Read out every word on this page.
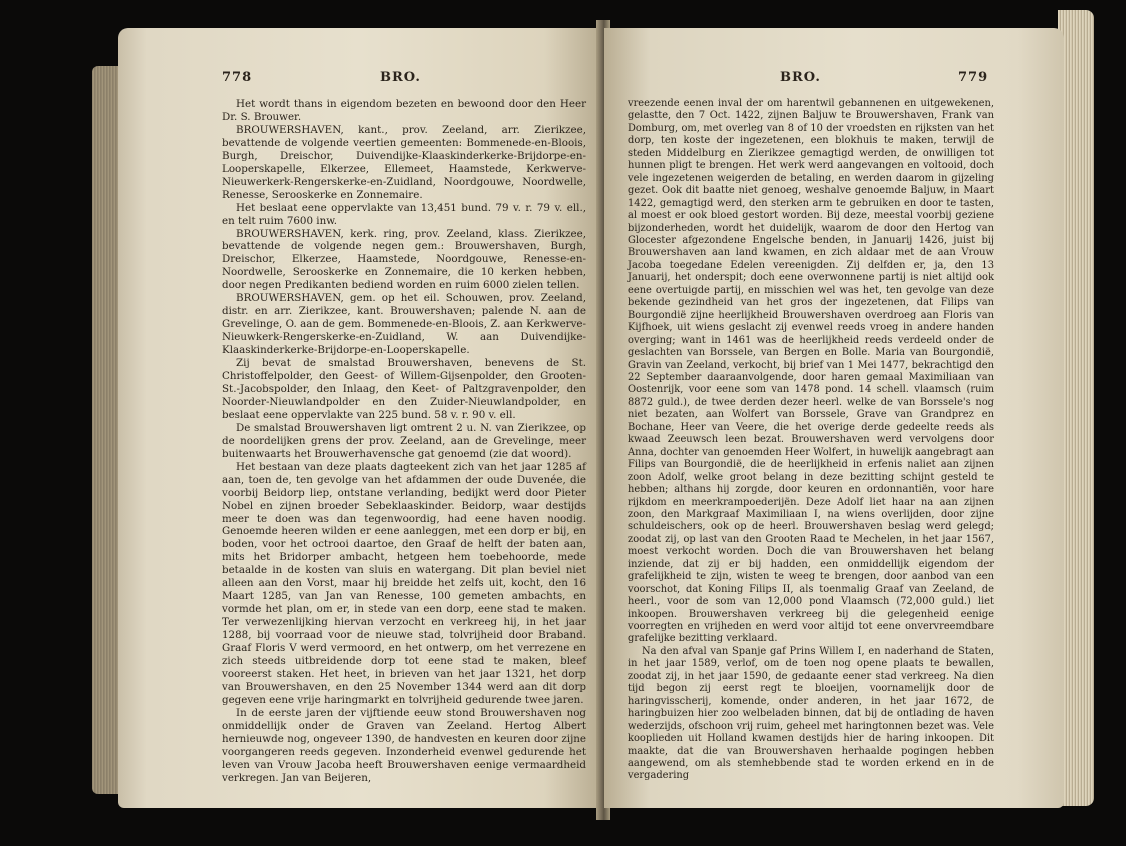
778	BRO.

Het wordt thans in eigendom bezeten en bewoond door den Heer Dr. S. Brouwer.

BROUWERSHAVEN, kant., prov. Zeeland, arr. Zierikzee, bevattende de volgende veertien gemeenten: Bommenede-en-Bloois, Burgh, Dreischor, Duivendijke-Klaaskinderkerke-Brijdorpe-en-Looperskapelle, Elkerzee, Ellemeet, Haamstede, Kerkwerve-Nieuwerkerk-Rengerskerke-en-Zuidland, Noordgouwe, Noordwelle, Renesse, Serooskerke en Zonnemaire.

Het beslaat eene oppervlakte van 13,451 bund. 79 v. r. 79 v. ell., en telt ruim 7600 inw.

BROUWERSHAVEN, kerk. ring, prov. Zeeland, klass. Zierikzee, bevattende de volgende negen gem.: Brouwershaven, Burgh, Dreischor, Elkerzee, Haamstede, Noordgouwe, Renesse-en-Noordwelle, Serooskerke en Zonnemaire, die 10 kerken hebben, door negen Predikanten bediend worden en ruim 6000 zielen tellen.

BROUWERSHAVEN, gem. op het eil. Schouwen, prov. Zeeland, distr. en arr. Zierikzee, kant. Brouwershaven; palende N. aan de Grevelinge, O. aan de gem. Bommenede-en-Bloois, Z. aan Kerkwerve-Nieuwkerk-Rengerskerke-en-Zuidland, W. aan Duivendijke-Klaaskinderkerke-Brijdorpe-en-Looperskapelle.

Zij bevat de smalstad Brouwershaven, benevens de St. Christoffelpolder, den Geest- of Willem-Gijsenpolder, den Grooten-St.-Jacobspolder, den Inlaag, den Keet- of Paltzgravenpolder, den Noorder-Nieuwlandpolder en den Zuider-Nieuwlandpolder, en beslaat eene oppervlakte van 225 bund. 58 v. r. 90 v. ell.

De smalstad Brouwershaven ligt omtrent 2 u. N. van Zierikzee, op de noordelijken grens der prov. Zeeland, aan de Grevelinge, meer buitenwaarts het Brouwerhavensche gat genoemd (zie dat woord).

Het bestaan van deze plaats dagteekent zich van het jaar 1285 af aan, toen de, ten gevolge van het afdammen der oude Duvenée, die voorbij Beidorp liep, ontstane verlanding, bedijkt werd door Pieter Nobel en zijnen broeder Sebeklaaskinder. Beidorp, waar destijds meer te doen was dan tegenwoordig, had eene haven noodig. Genoemde heeren wilden er eene aanleggen, met een dorp er bij, en boden, voor het octrooi daartoe, den Graaf de helft der baten aan, mits het Bridorper ambacht, hetgeen hem toebehoorde, mede betaalde in de kosten van sluis en watergang. Dit plan beviel niet alleen aan den Vorst, maar hij breidde het zelfs uit, kocht, den 16 Maart 1285, van Jan van Renesse, 100 gemeten ambachts, en vormde het plan, om er, in stede van een dorp, eene stad te maken. Ter verwezenlijking hiervan verzocht en verkreeg hij, in het jaar 1288, bij voorraad voor de nieuwe stad, tolvrijheid door Braband. Graaf Floris V werd vermoord, en het ontwerp, om het verrezene en zich steeds uitbreidende dorp tot eene stad te maken, bleef vooreerst staken. Het heet, in brieven van het jaar 1321, het dorp van Brouwershaven, en den 25 November 1344 werd aan dit dorp gegeven eene vrije haringmarkt en tolvrijheid gedurende twee jaren.

In de eerste jaren der vijftiende eeuw stond Brouwershaven nog onmiddellijk onder de Graven van Zeeland. Hertog Albert hernieuwde nog, ongeveer 1390, de handvesten en keuren door zijne voorgangeren reeds gegeven. Inzonderheid evenwel gedurende het leven van Vrouw Jacoba heeft Brouwershaven eenige vermaardheid verkregen. Jan van Beijeren,

BRO.	779

vreezende eenen inval der om harentwil gebannenen en uitgewekenen, gelastte, den 7 Oct. 1422, zijnen Baljuw te Brouwershaven, Frank van Domburg, om, met overleg van 8 of 10 der vroedsten en rijksten van het dorp, ten koste der ingezetenen, een blokhuis te maken, terwijl de steden Middelburg en Zierikzee gemagtigd werden, de onwilligen tot hunnen pligt te brengen. Het werk werd aangevangen en voltooid, doch vele ingezetenen weigerden de betaling, en werden daarom in gijzeling gezet. Ook dit baatte niet genoeg, weshalve genoemde Baljuw, in Maart 1422, gemagtigd werd, den sterken arm te gebruiken en door te tasten, al moest er ook bloed gestort worden. Bij deze, meestal voorbij geziene bijzonderheden, wordt het duidelijk, waarom de door den Hertog van Glocester afgezondene Engelsche benden, in Januarij 1426, juist bij Brouwershaven aan land kwamen, en zich aldaar met de aan Vrouw Jacoba toegedane Edelen vereenigden. Zij delfden er, ja, den 13 Januarij, het onderspit; doch eene overwonnene partij is niet altijd ook eene overtuigde partij, en misschien wel was het, ten gevolge van deze bekende gezindheid van het gros der ingezetenen, dat Filips van Bourgondië zijne heerlijkheid Brouwershaven overdroeg aan Floris van Kijfhoek, uit wiens geslacht zij evenwel reeds vroeg in andere handen overging; want in 1461 was de heerlijkheid reeds verdeeld onder de geslachten van Borssele, van Bergen en Bolle. Maria van Bourgondië, Gravin van Zeeland, verkocht, bij brief van 1 Mei 1477, bekrachtigd den 22 September daaraanvolgende, door haren gemaal Maximiliaan van Oostenrijk, voor eene som van 1478 pond. 14 schell. vlaamsch (ruim 8872 guld.), de twee derden dezer heerl. welke de van Borssele's nog niet bezaten, aan Wolfert van Borssele, Grave van Grandprez en Bochane, Heer van Veere, die het overige derde gedeelte reeds als kwaad Zeeuwsch leen bezat. Brouwershaven werd vervolgens door Anna, dochter van genoemden Heer Wolfert, in huwelijk aangebragt aan Filips van Bourgondië, die de heerlijkheid in erfenis naliet aan zijnen zoon Adolf, welke groot belang in deze bezitting schijnt gesteld te hebben; althans hij zorgde, door keuren en ordonnantiën, voor hare rijkdom en meerkrampoederijën. Deze Adolf liet haar na aan zijnen zoon, den Markgraaf Maximiliaan I, na wiens overlijden, door zijne schuldeischers, ook op de heerl. Brouwershaven beslag werd gelegd; zoodat zij, op last van den Grooten Raad te Mechelen, in het jaar 1567, moest verkocht worden. Doch die van Brouwershaven het belang inziende, dat zij er bij hadden, een onmiddellijk eigendom der grafelijkheid te zijn, wisten te weeg te brengen, door aanbod van een voorschot, dat Koning Filips II, als toenmalig Graaf van Zeeland, de heerl., voor de som van 12,000 pond Vlaamsch (72,000 guld.) liet inkoopen. Brouwershaven verkreeg bij die gelegenheid eenige voorregten en vrijheden en werd voor altijd tot eene onvervreemdbare grafelijke bezitting verklaard.

Na den afval van Spanje gaf Prins Willem I, en naderhand de Staten, in het jaar 1589, verlof, om de toen nog opene plaats te bewallen, zoodat zij, in het jaar 1590, de gedaante eener stad verkreeg. Na dien tijd begon zij eerst regt te bloeijen, voornamelijk door de haringvisscherij, komende, onder anderen, in het jaar 1672, de haringbuizen hier zoo welbeladen binnen, dat bij de ontlading de haven wederzijds, ofschoon vrij ruim, geheel met haringtonnen bezet was. Vele kooplieden uit Holland kwamen destijds hier de haring inkoopen. Dit maakte, dat die van Brouwershaven herhaalde pogingen hebben aangewend, om als stemhebbende stad te worden erkend en in de vergadering
